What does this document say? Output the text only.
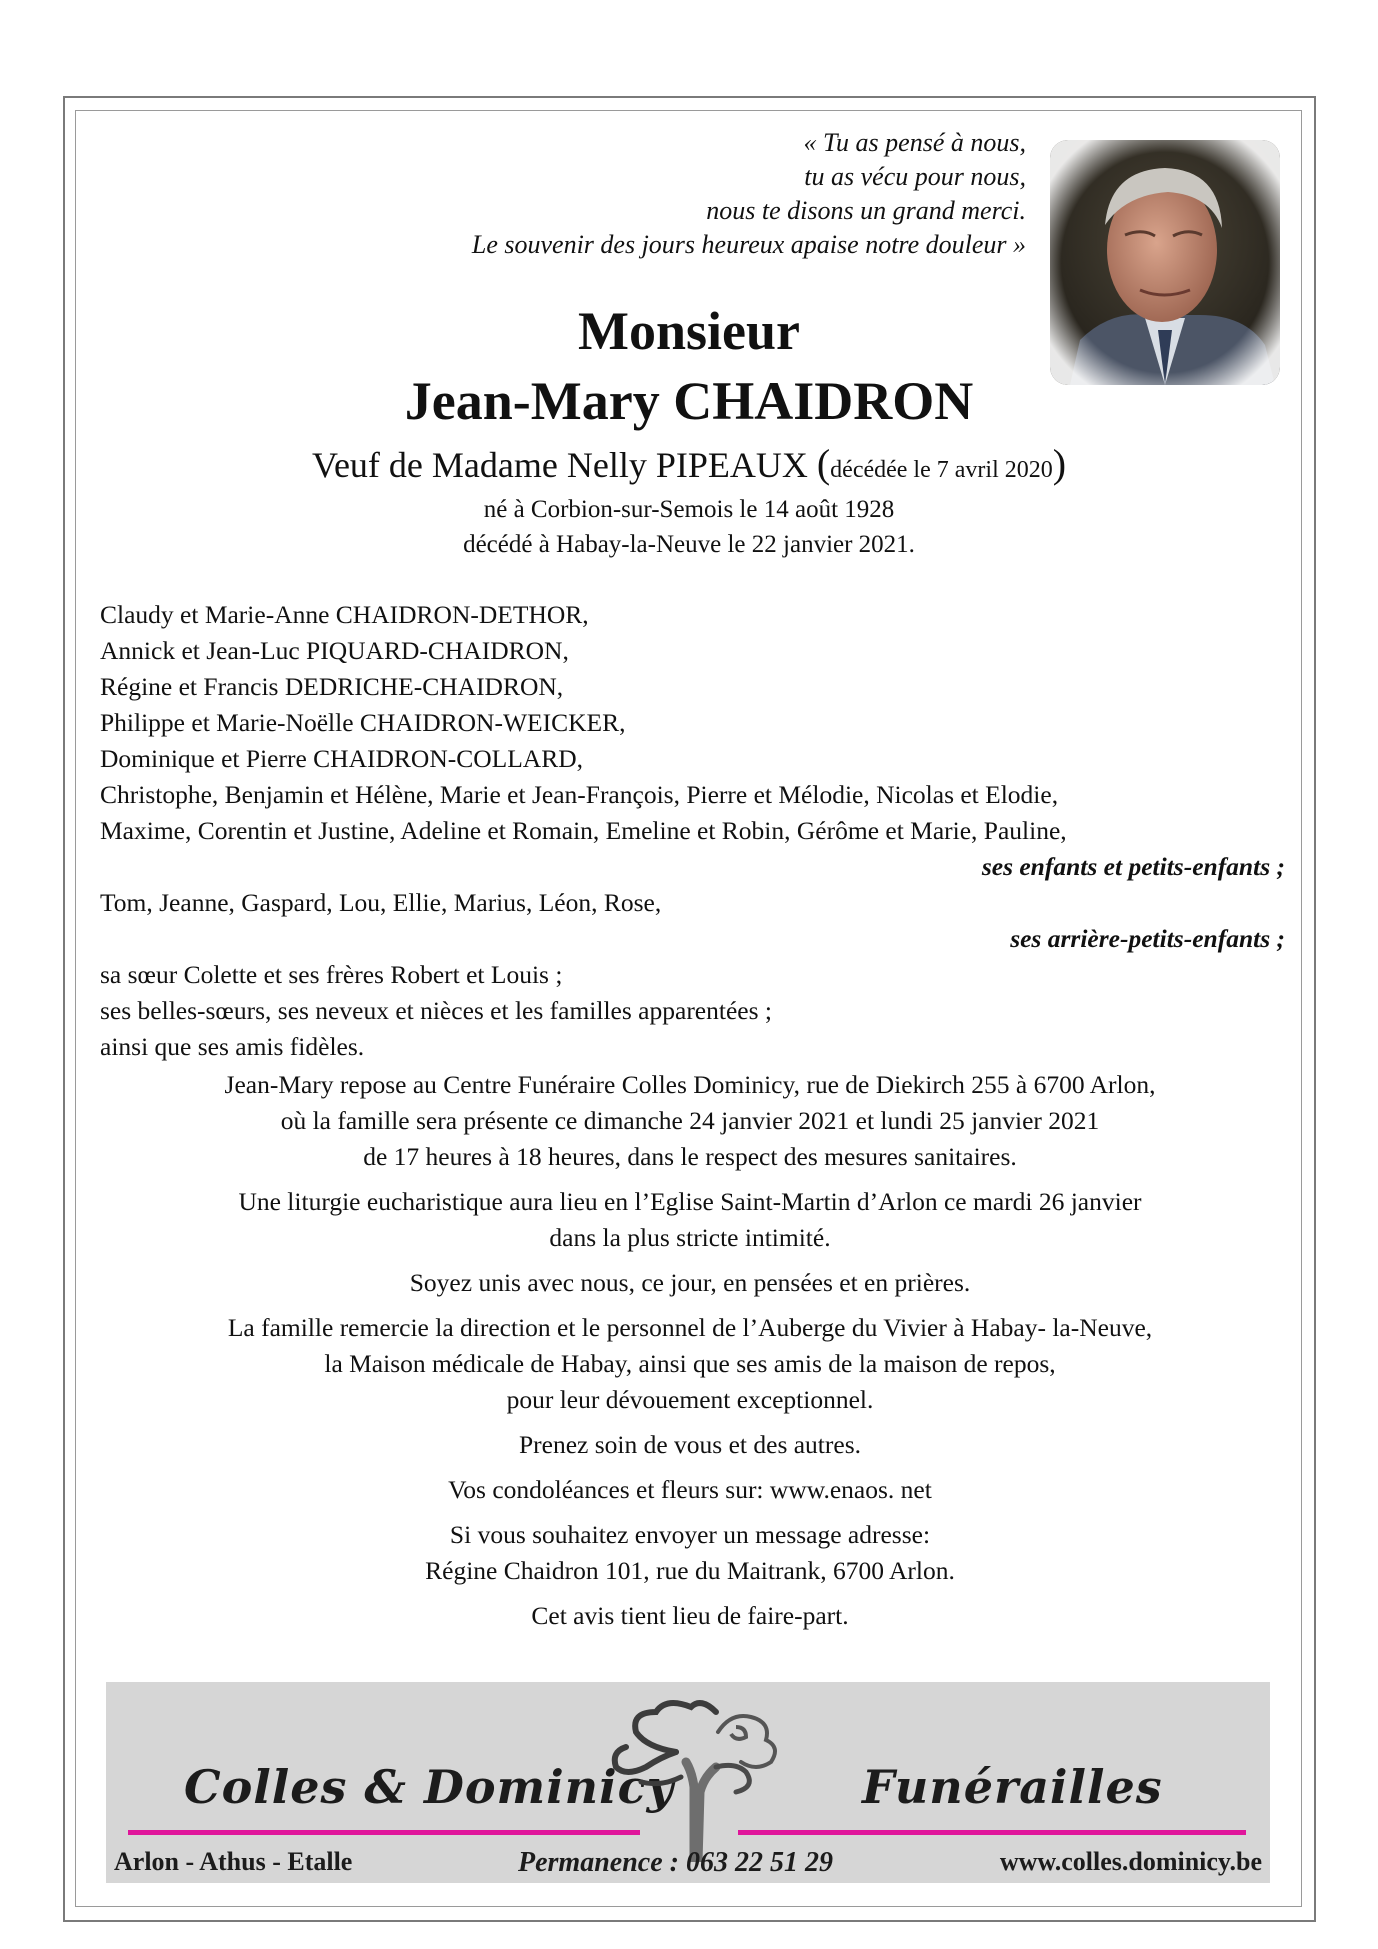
« Tu as pensé à nous,
tu as vécu pour nous,
nous te disons un grand merci.
Le souvenir des jours heureux apaise notre douleur »
Monsieur
Jean-Mary CHAIDRON
Veuf de Madame Nelly PIPEAUX (décédée le 7 avril 2020)
né à Corbion-sur-Semois le 14 août 1928
décédé à Habay-la-Neuve le 22 janvier 2021.
Claudy et Marie-Anne CHAIDRON-DETHOR,
Annick et Jean-Luc PIQUARD-CHAIDRON,
Régine et Francis DEDRICHE-CHAIDRON,
Philippe et Marie-Noëlle CHAIDRON-WEICKER,
Dominique et Pierre CHAIDRON-COLLARD,
Christophe, Benjamin et Hélène, Marie et Jean-François, Pierre et Mélodie, Nicolas et Elodie,
Maxime, Corentin et Justine, Adeline et Romain, Emeline et Robin, Gérôme et Marie, Pauline,
ses enfants et petits-enfants ;
Tom, Jeanne, Gaspard, Lou, Ellie, Marius, Léon, Rose,
ses arrière-petits-enfants ;
sa sœur Colette et ses frères Robert et Louis ;
ses belles-sœurs, ses neveux et nièces et les familles apparentées ;
ainsi que ses amis fidèles.

Jean-Mary repose au Centre Funéraire Colles Dominicy, rue de Diekirch 255 à 6700 Arlon,
où la famille sera présente ce dimanche 24 janvier 2021 et lundi 25 janvier 2021
de 17 heures à 18 heures, dans le respect des mesures sanitaires.

Une liturgie eucharistique aura lieu en l’Eglise Saint-Martin d’Arlon ce mardi 26 janvier
dans la plus stricte intimité.

Soyez unis avec nous, ce jour, en pensées et en prières.

La famille remercie la direction et le personnel de l’Auberge du Vivier à Habay- la-Neuve,
la Maison médicale de Habay, ainsi que ses amis de la maison de repos,
pour leur dévouement exceptionnel.

Prenez soin de vous et des autres.

Vos condoléances et fleurs sur: www.enaos. net

Si vous souhaitez envoyer un message adresse:
Régine Chaidron 101, rue du Maitrank, 6700 Arlon.

Cet avis tient lieu de faire-part.

Colles & Dominicy	Funérailles
Arlon - Athus - Etalle	Permanence : 063 22 51 29	www.colles.dominicy.be
